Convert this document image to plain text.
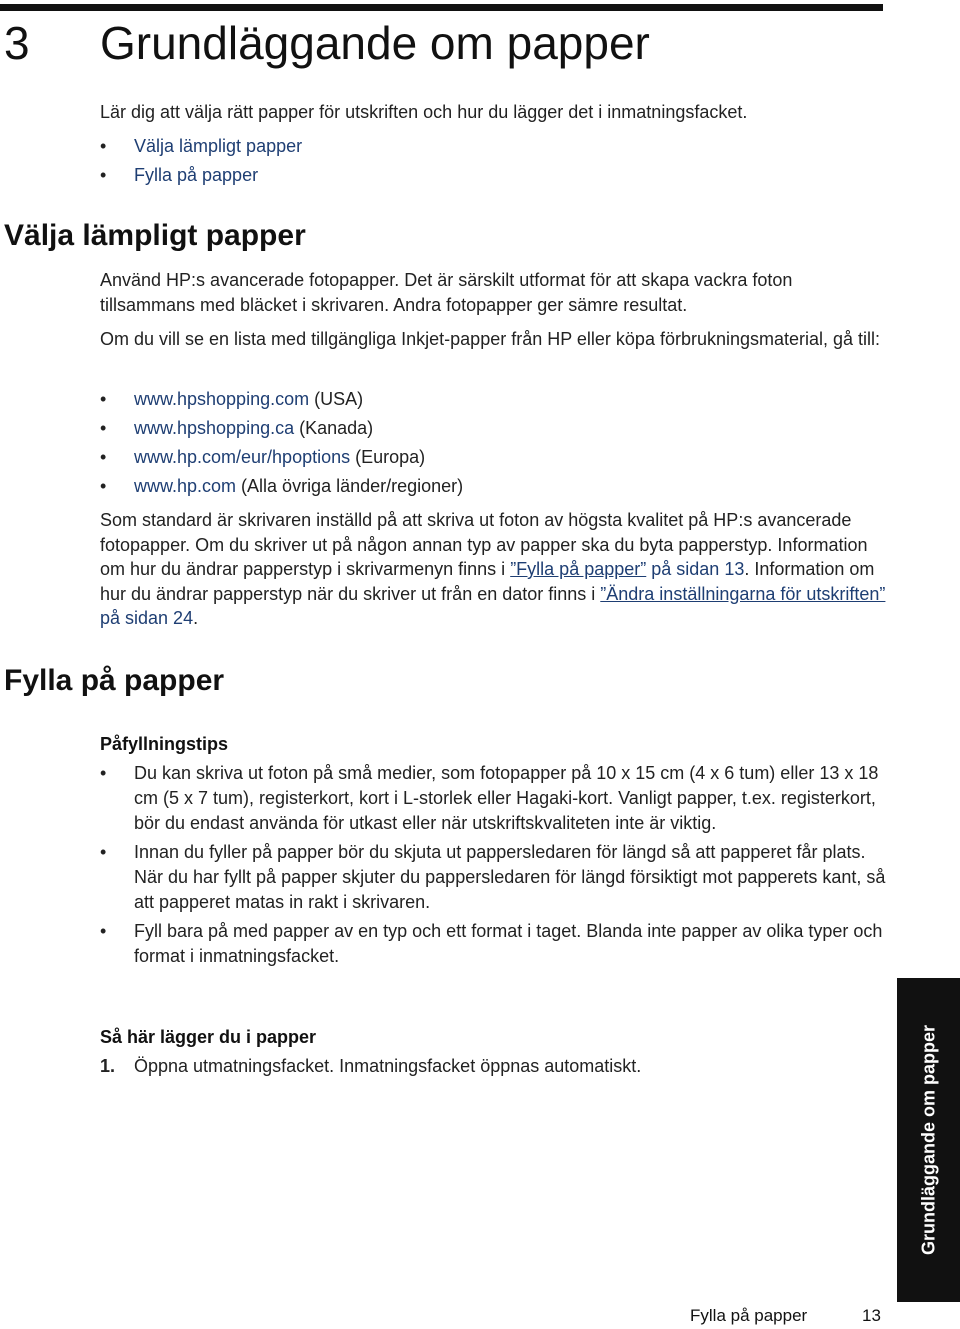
3 Grundläggande om papper

Lär dig att välja rätt papper för utskriften och hur du lägger det i inmatningsfacket.

• Välja lämpligt papper
• Fylla på papper
Välja lämpligt papper

Använd HP:s avancerade fotopapper. Det är särskilt utformat för att skapa vackra foton tillsammans med bläcket i skrivaren. Andra fotopapper ger sämre resultat.

Om du vill se en lista med tillgängliga Inkjet-papper från HP eller köpa förbrukningsmaterial, gå till:

• www.hpshopping.com (USA)
• www.hpshopping.ca (Kanada)
• www.hp.com/eur/hpoptions (Europa)
• www.hp.com (Alla övriga länder/regioner)

Som standard är skrivaren inställd på att skriva ut foton av högsta kvalitet på HP:s avancerade fotopapper. Om du skriver ut på någon annan typ av papper ska du byta papperstyp. Information om hur du ändrar papperstyp i skrivarmenyn finns i ”Fylla på papper” på sidan 13. Information om hur du ändrar papperstyp när du skriver ut från en dator finns i ”Ändra inställningarna för utskriften” på sidan 24.

Fylla på papper
Påfyllningstips
• Du kan skriva ut foton på små medier, som fotopapper på 10 x 15 cm (4 x 6 tum) eller 13 x 18 cm (5 x 7 tum), registerkort, kort i L-storlek eller Hagaki-kort. Vanligt papper, t.ex. registerkort, bör du endast använda för utkast eller när utskriftskvaliteten inte är viktig.
• Innan du fyller på papper bör du skjuta ut pappersledaren för längd så att papperet får plats. När du har fyllt på papper skjuter du pappersledaren för längd försiktigt mot papperets kant, så att papperet matas in rakt i skrivaren.
• Fyll bara på med papper av en typ och ett format i taget. Blanda inte papper av olika typer och format i inmatningsfacket.
Så här lägger du i papper
1. Öppna utmatningsfacket. Inmatningsfacket öppnas automatiskt.	Grundläggande om papper
Fylla på papper	13
